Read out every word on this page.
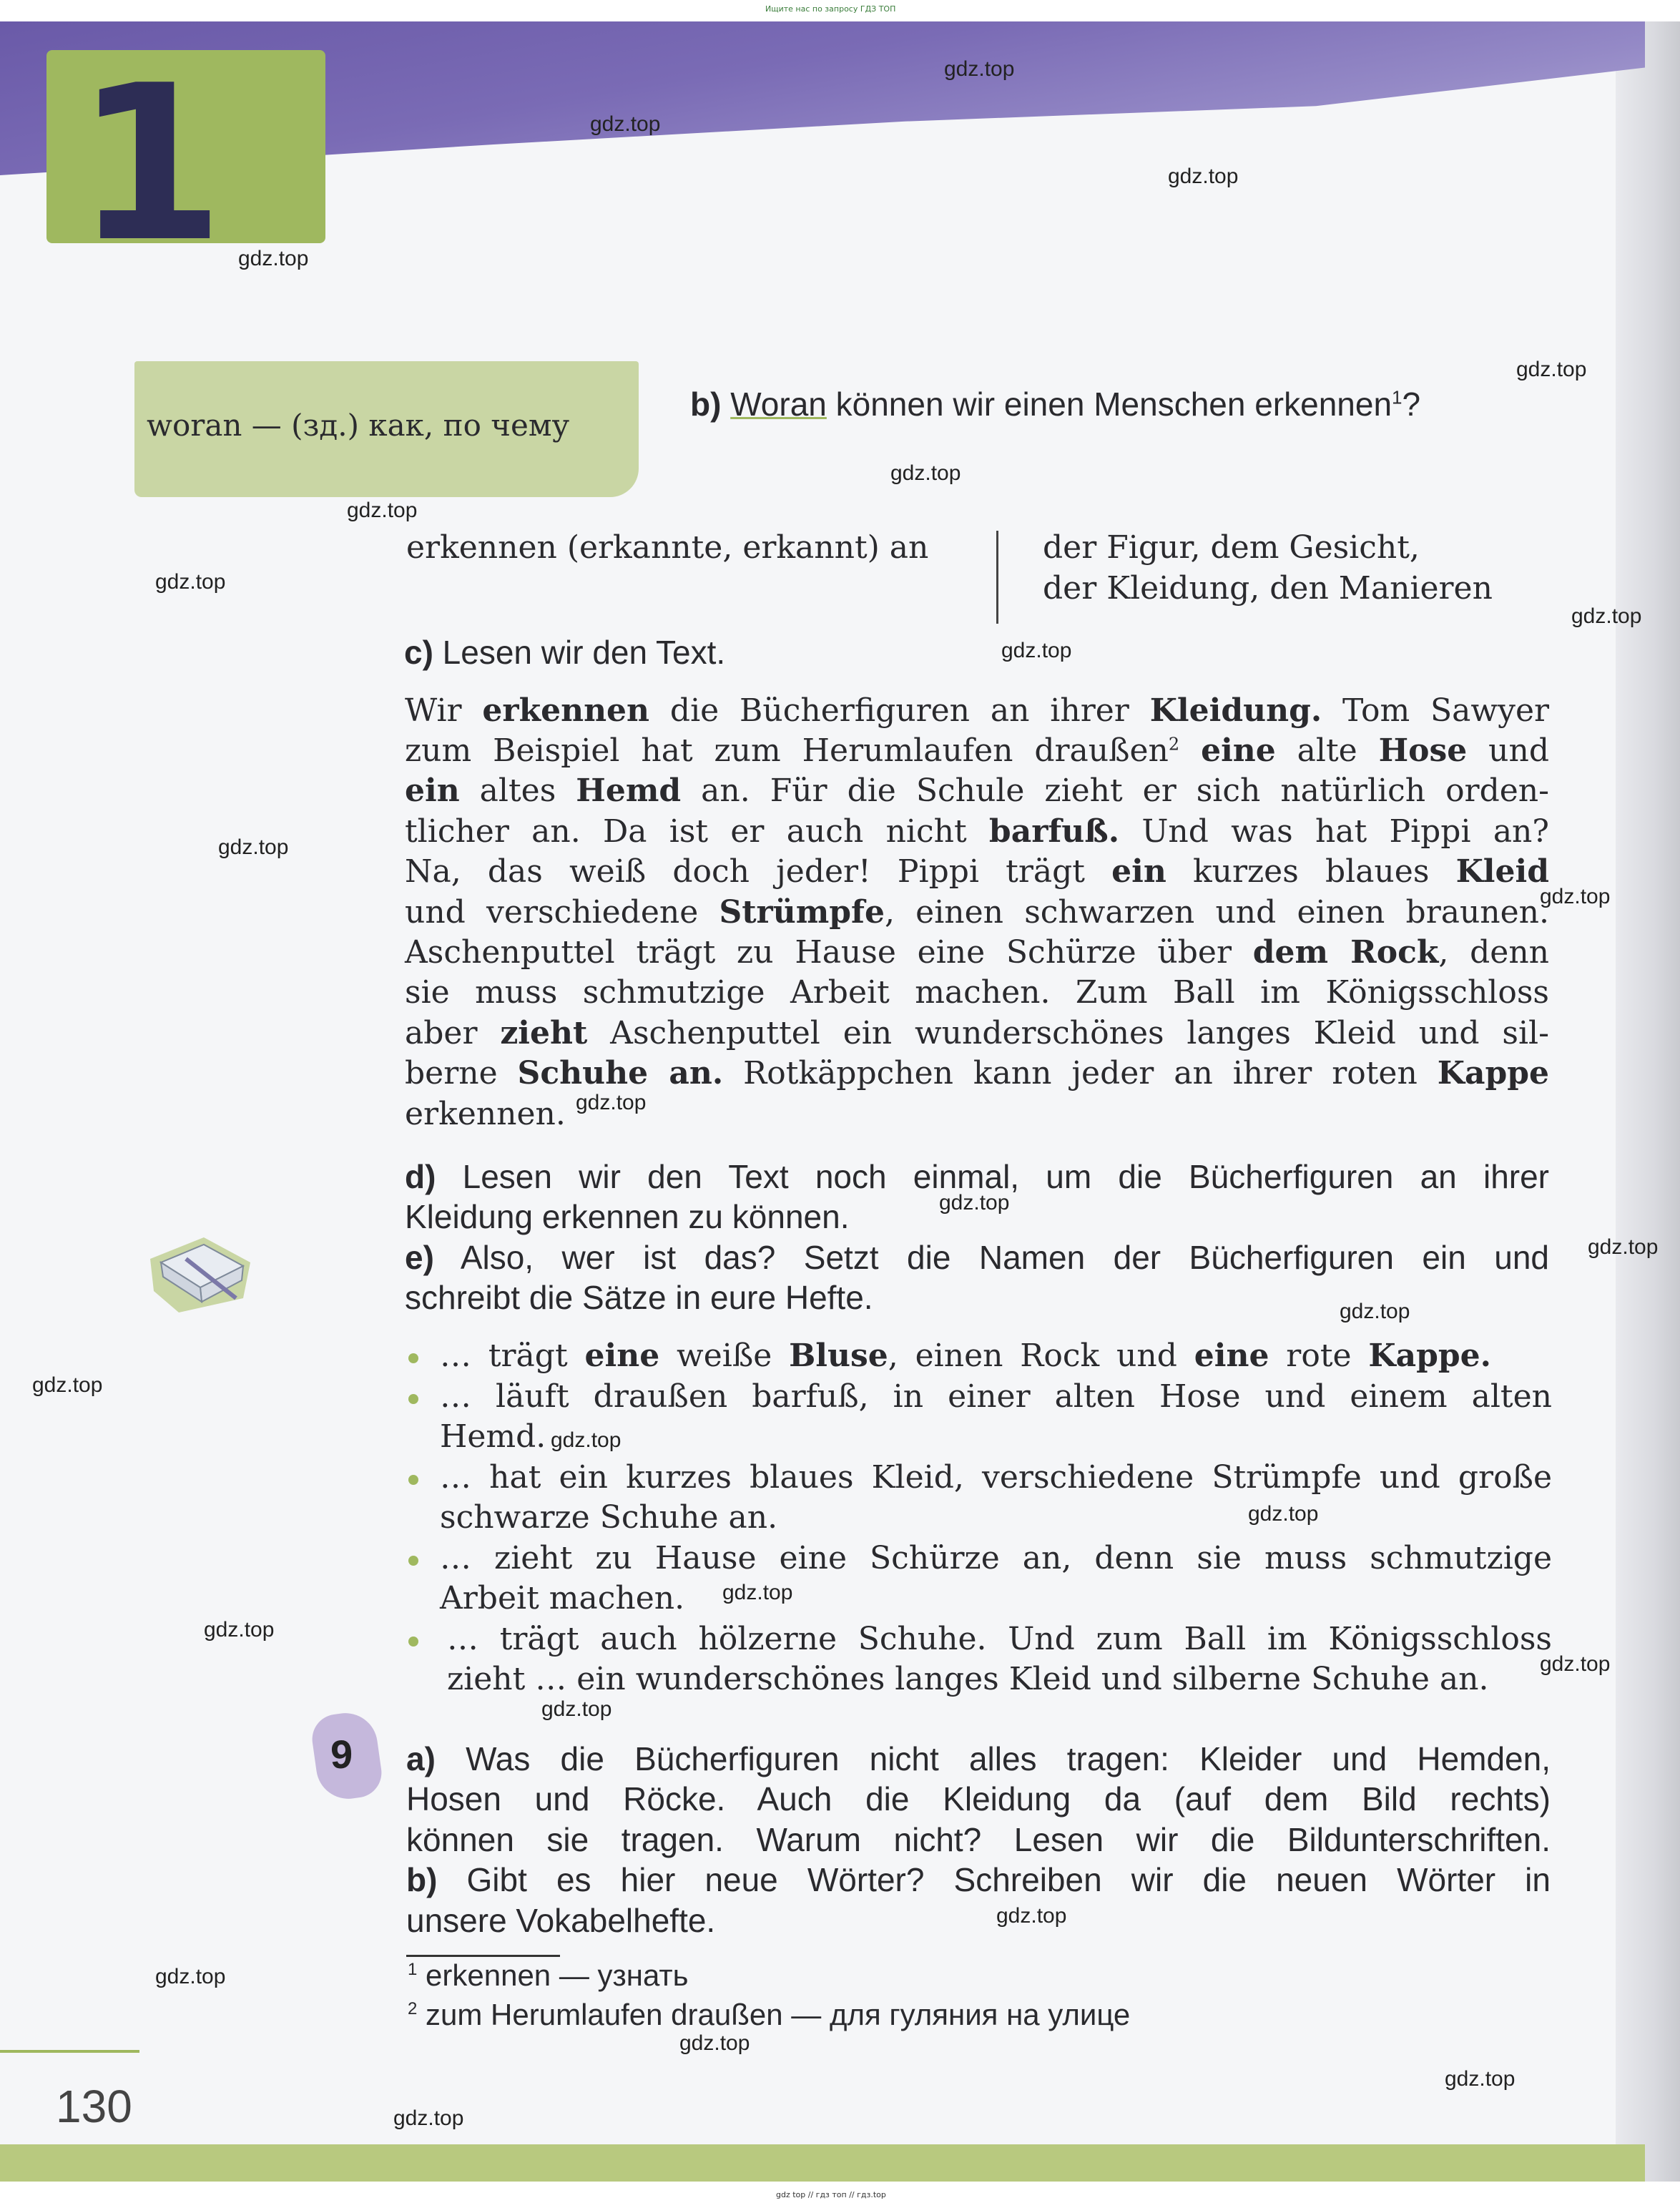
Ищите нас по запросу ГДЗ ТОП
1	gdz.top
gdz.top
gdz.top
gdz.top
gdz.top
gdz.top
gdz.top
gdz.top
gdz.top
gdz.top
gdz.top
gdz.top
gdz.top
gdz.top
gdz.top
gdz.top
gdz.top
gdz.top
gdz.top
gdz.top
gdz.top
gdz.top
gdz.top
gdz.top
gdz.top
gdz.top
gdz.top
gdz.top
woran — (зд.) как, по чему
b) Woran können wir einen Menschen erkennen$^1$?
erkennen (erkannte, erkannt) an	der Figur, dem Gesicht,
der Kleidung, den Manieren
c) Lesen wir den Text.
Wir erkennen die Bücherfiguren an ihrer Kleidung. Tom Sawyer
zum Beispiel hat zum Herumlaufen draußen$^2$ eine alte Hose und
ein altes Hemd an. Für die Schule zieht er sich natürlich orden-
tlicher an. Da ist er auch nicht barfuß. Und was hat Pippi an?
Na, das weiß doch jeder! Pippi trägt ein kurzes blaues Kleid
und verschiedene Strümpfe, einen schwarzen und einen braunen.
Aschenputtel trägt zu Hause eine Schürze über dem Rock, denn
sie muss schmutzige Arbeit machen. Zum Ball im Königsschloss
aber zieht Aschenputtel ein wunderschönes langes Kleid und sil-
berne Schuhe an. Rotkäppchen kann jeder an ihrer roten Kappe
erkennen.
d) Lesen wir den Text noch einmal, um die Bücherfiguren an ihrer
Kleidung erkennen zu können.
e) Also, wer ist das? Setzt die Namen der Bücherfiguren ein und
schreibt die Sätze in eure Hefte.
… trägt eine weiße Bluse, einen Rock und eine rote Kappe.
… läuft draußen barfuß, in einer alten Hose und einem alten
Hemd.
… hat ein kurzes blaues Kleid, verschiedene Strümpfe und große
schwarze Schuhe an.
… zieht zu Hause eine Schürze an, denn sie muss schmutzige
Arbeit machen.
… trägt auch hölzerne Schuhe. Und zum Ball im Königsschloss
zieht … ein wunderschönes langes Kleid und silberne Schuhe an.
9 a) Was die Bücherfiguren nicht alles tragen: Kleider und Hemden,
Hosen und Röcke. Auch die Kleidung da (auf dem Bild rechts)
können sie tragen. Warum nicht? Lesen wir die Bildunterschriften.
b) Gibt es hier neue Wörter? Schreiben wir die neuen Wörter in
unsere Vokabelhefte.
$^1$ erkennen — узнать
$^2$ zum Herumlaufen draußen — для гуляния на улице
130
gdz top // гдз топ // гдз.top
